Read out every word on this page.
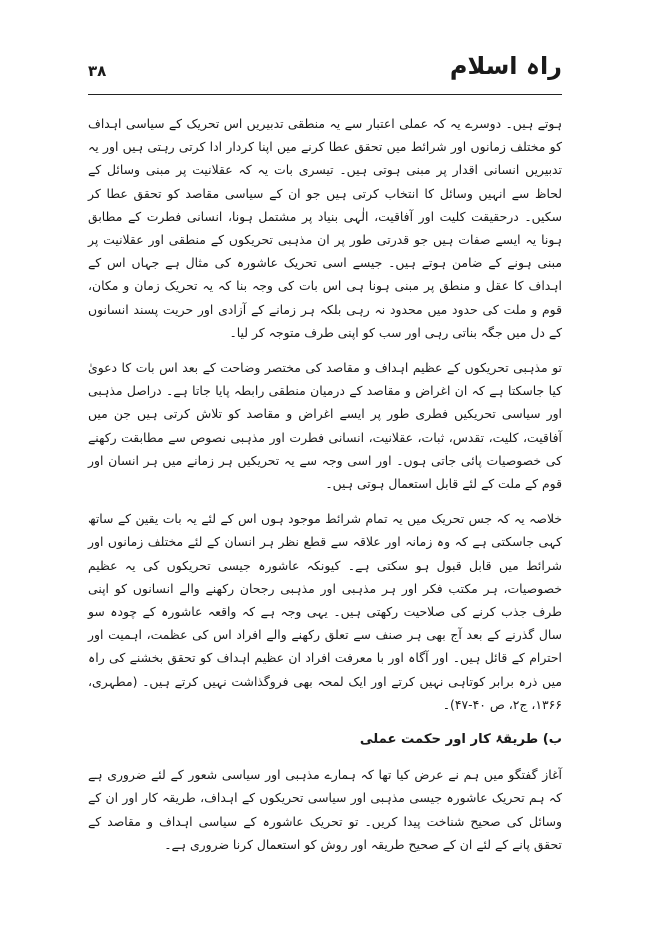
۳۸	راہ اسلام

ہوتے ہیں۔ دوسرے یہ کہ عملی اعتبار سے یہ منطقی تدبیریں اس تحریک کے سیاسی اہداف کو مختلف زمانوں اور شرائط میں تحقق عطا کرنے میں اپنا کردار ادا کرتی رہتی ہیں اور یہ تدبیریں انسانی اقدار پر مبنی ہوتی ہیں۔ تیسری بات یہ کہ عقلانیت پر مبنی وسائل کے لحاظ سے انہیں وسائل کا انتخاب کرتی ہیں جو ان کے سیاسی مقاصد کو تحقق عطا کر سکیں۔ درحقیقت کلیت اور آفاقیت، الٰہی بنیاد پر مشتمل ہونا، انسانی فطرت کے مطابق ہونا یہ ایسے صفات ہیں جو قدرتی طور پر ان مذہبی تحریکوں کے منطقی اور عقلانیت پر مبنی ہونے کے ضامن ہوتے ہیں۔ جیسے اسی تحریک عاشورہ کی مثال ہے جہاں اس کے اہداف کا عقل و منطق پر مبنی ہونا ہی اس بات کی وجہ بنا کہ یہ تحریک زمان و مکان، قوم و ملت کی حدود میں محدود نہ رہی بلکہ ہر زمانے کے آزادی اور حریت پسند انسانوں کے دل میں جگہ بناتی رہی اور سب کو اپنی طرف متوجہ کر لیا۔

تو مذہبی تحریکوں کے عظیم اہداف و مقاصد کی مختصر وضاحت کے بعد اس بات کا دعویٰ کیا جاسکتا ہے کہ ان اغراض و مقاصد کے درمیان منطقی رابطہ پایا جاتا ہے۔ دراصل مذہبی اور سیاسی تحریکیں فطری طور پر ایسے اغراض و مقاصد کو تلاش کرتی ہیں جن میں آفاقیت، کلیت، تقدس، ثبات، عقلانیت، انسانی فطرت اور مذہبی نصوص سے مطابقت رکھنے کی خصوصیات پائی جاتی ہوں۔ اور اسی وجہ سے یہ تحریکیں ہر زمانے میں ہر انسان اور قوم کے ملت کے لئے قابل استعمال ہوتی ہیں۔

خلاصہ یہ کہ جس تحریک میں یہ تمام شرائط موجود ہوں اس کے لئے یہ بات یقین کے ساتھ کہی جاسکتی ہے کہ وہ زمانہ اور علاقہ سے قطع نظر ہر انسان کے لئے مختلف زمانوں اور شرائط میں قابل قبول ہو سکتی ہے۔ کیونکہ عاشورہ جیسی تحریکوں کی یہ عظیم خصوصیات، ہر مکتب فکر اور ہر مذہبی اور مذہبی رجحان رکھنے والے انسانوں کو اپنی طرف جذب کرنے کی صلاحیت رکھتی ہیں۔ یہی وجہ ہے کہ واقعہ عاشورہ کے چودہ سو سال گذرنے کے بعد آج بھی ہر صنف سے تعلق رکھنے والے افراد اس کی عظمت، اہمیت اور احترام کے قائل ہیں۔ اور آگاہ اور با معرفت افراد ان عظیم اہداف کو تحقق بخشنے کی راہ میں ذرہ برابر کوتاہی نہیں کرتے اور ایک لمحہ بھی فروگذاشت نہیں کرتے ہیں۔ (مطہری، ۱۳۶۶، ج۲، ص ۴۰-۴۷)۔

ب) طریقۂ کار اور حکمت عملی

آغاز گفتگو میں ہم نے عرض کیا تھا کہ ہمارے مذہبی اور سیاسی شعور کے لئے ضروری ہے کہ ہم تحریک عاشورہ جیسی مذہبی اور سیاسی تحریکوں کے اہداف، طریقہ کار اور ان کے وسائل کی صحیح شناخت پیدا کریں۔ تو تحریک عاشورہ کے سیاسی اہداف و مقاصد کے تحقق پانے کے لئے ان کے صحیح طریقہ اور روش کو استعمال کرنا ضروری ہے۔
